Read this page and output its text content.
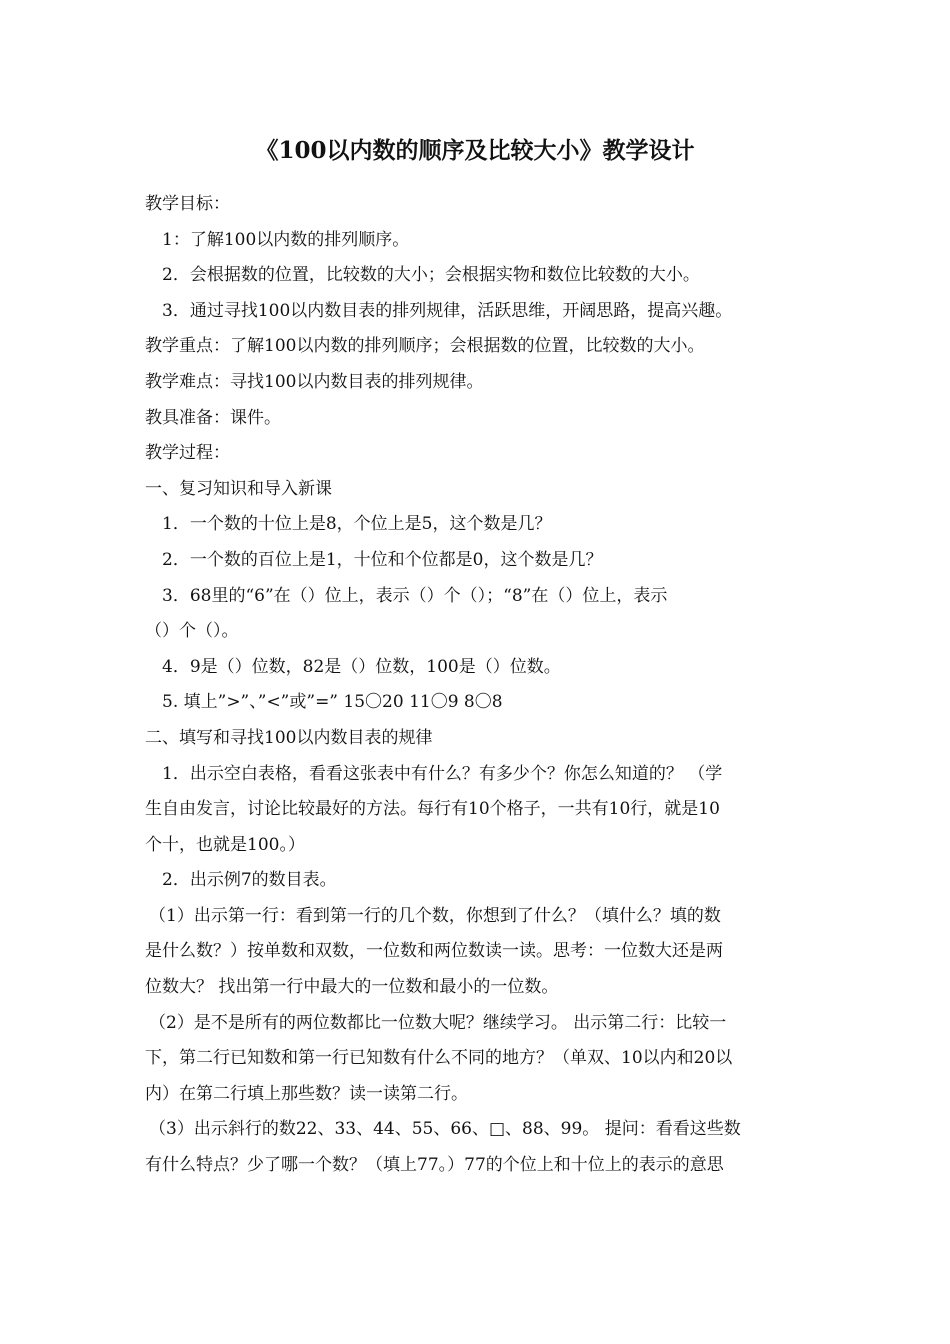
《100以内数的顺序及比较大小》教学设计
教学目标：
1：了解100以内数的排列顺序。
2．会根据数的位置，比较数的大小；会根据实物和数位比较数的大小。
3．通过寻找100以内数目表的排列规律，活跃思维，开阔思路，提高兴趣。
教学重点：了解100以内数的排列顺序；会根据数的位置，比较数的大小。
教学难点：寻找100以内数目表的排列规律。
教具准备：课件。
教学过程：
一、复习知识和导入新课
1．一个数的十位上是8，个位上是5，这个数是几？
2．一个数的百位上是1，十位和个位都是0，这个数是几？
3．68里的“6”在（）位上，表示（）个（）；“8”在（）位上，表示
（）个（）。
4．9是（）位数，82是（）位数，100是（）位数。
5. 填上”>”、”<”或”=” 15〇20 11〇9 8〇8
二、填写和寻找100以内数目表的规律
1．出示空白表格，看看这张表中有什么？有多少个？你怎么知道的？ （学
生自由发言，讨论比较最好的方法。每行有10个格子，一共有10行，就是10
个十，也就是100。）
2．出示例7的数目表。
（1）出示第一行：看到第一行的几个数，你想到了什么？（填什么？填的数
是什么数？）按单数和双数，一位数和两位数读一读。思考：一位数大还是两
位数大？ 找出第一行中最大的一位数和最小的一位数。
（2）是不是所有的两位数都比一位数大呢？继续学习。 出示第二行：比较一
下，第二行已知数和第一行已知数有什么不同的地方？（单双、10以内和20以
内）在第二行填上那些数？读一读第二行。
（3）出示斜行的数22、33、44、55、66、□、88、99。 提问：看看这些数
有什么特点？少了哪一个数？（填上77。）77的个位上和十位上的表示的意思
